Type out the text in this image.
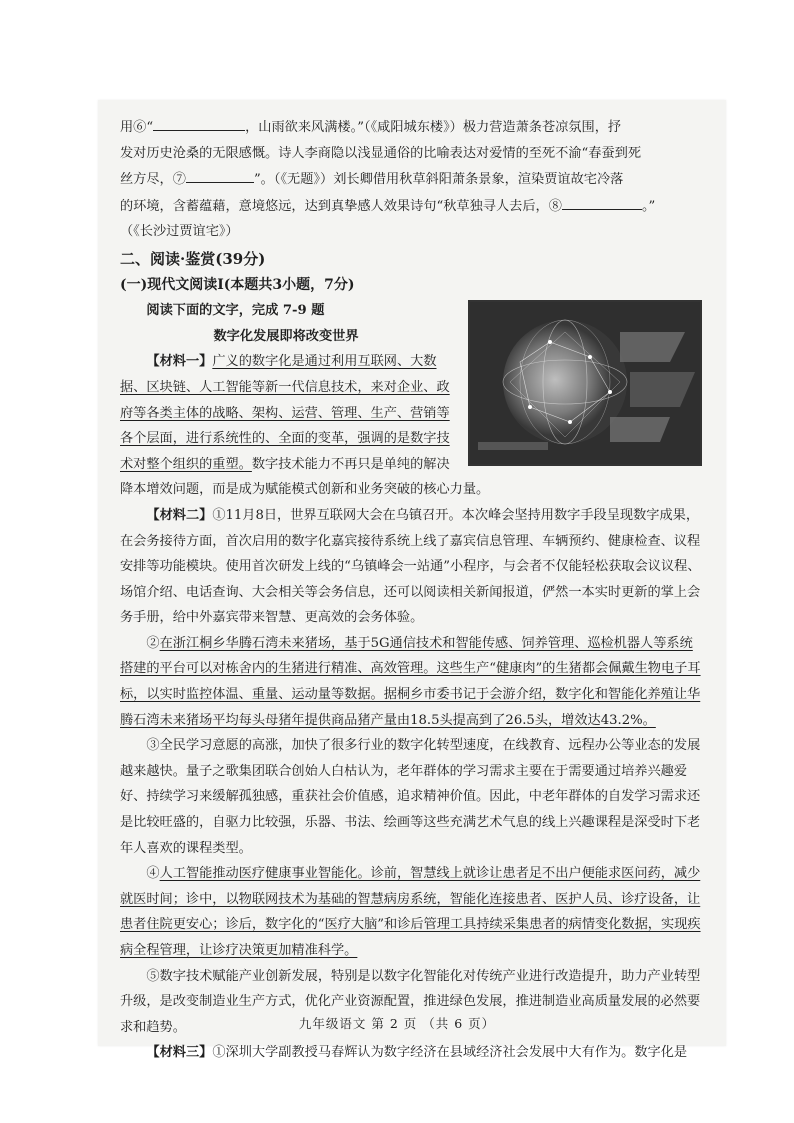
用⑥“	，山雨欲来风满楼。”（《咸阳城东楼》）极力营造萧条苍凉氛围，抒

发对历史沧桑的无限感慨。诗人李商隐以浅显通俗的比喻表达对爱情的至死不渝“春蚕到死

丝方尽，⑦	”。（《无题》）刘长卿借用秋草斜阳萧条景象，渲染贾谊故宅冷落

的环境，含蓄蕴藉，意境悠远，达到真挚感人效果诗句“秋草独寻人去后，⑧	。”

（《长沙过贾谊宅》）

二、阅读·鉴赏(39分)

(一)现代文阅读Ⅰ(本题共3小题，7分)

阅读下面的文字，完成 7-9 题

数字化发展即将改变世界

【材料一】广义的数字化是通过利用互联网、大数据、区块链、人工智能等新一代信息技术，来对企业、政府等各类主体的战略、架构、运营、管理、生产、营销等各个层面，进行系统性的、全面的变革，强调的是数字技术对整个组织的重塑。数字技术能力不再只是单纯的解决降本增效问题，而是成为赋能模式创新和业务突破的核心力量。

【材料二】①11月8日，世界互联网大会在乌镇召开。本次峰会坚持用数字手段呈现数字成果，在会务接待方面，首次启用的数字化嘉宾接待系统上线了嘉宾信息管理、车辆预约、健康检查、议程安排等功能模块。使用首次研发上线的“乌镇峰会一站通”小程序，与会者不仅能轻松获取会议议程、场馆介绍、电话查询、大会相关等会务信息，还可以阅读相关新闻报道，俨然一本实时更新的掌上会务手册，给中外嘉宾带来智慧、更高效的会务体验。

②在浙江桐乡华腾石湾未来猪场，基于5G通信技术和智能传感、饲养管理、巡检机器人等系统搭建的平台可以对栋舍内的生猪进行精准、高效管理。这些生产“健康肉”的生猪都会佩戴生物电子耳标，以实时监控体温、重量、运动量等数据。据桐乡市委书记于会游介绍，数字化和智能化养殖让华腾石湾未来猪场平均每头母猪年提供商品猪产量由18.5头提高到了26.5头，增效达43.2%。

③全民学习意愿的高涨，加快了很多行业的数字化转型速度，在线教育、远程办公等业态的发展越来越快。量子之歌集团联合创始人白枯认为，老年群体的学习需求主要在于需要通过培养兴趣爱好、持续学习来缓解孤独感，重获社会价值感，追求精神价值。因此，中老年群体的自发学习需求还是比较旺盛的，自驱力比较强，乐器、书法、绘画等这些充满艺术气息的线上兴趣课程是深受时下老年人喜欢的课程类型。

④人工智能推动医疗健康事业智能化。诊前，智慧线上就诊让患者足不出户便能求医问药，减少就医时间；诊中，以物联网技术为基础的智慧病房系统，智能化连接患者、医护人员、诊疗设备，让患者住院更安心；诊后，数字化的“医疗大脑”和诊后管理工具持续采集患者的病情变化数据，实现疾病全程管理，让诊疗决策更加精准科学。

⑤数字技术赋能产业创新发展，特别是以数字化智能化对传统产业进行改造提升，助力产业转型升级，是改变制造业生产方式，优化产业资源配置，推进绿色发展，推进制造业高质量发展的必然要求和趋势。

【材料三】①深圳大学副教授马春辉认为数字经济在县域经济社会发展中大有作为。数字化是

九年级语文 第 2 页 （共 6 页）
